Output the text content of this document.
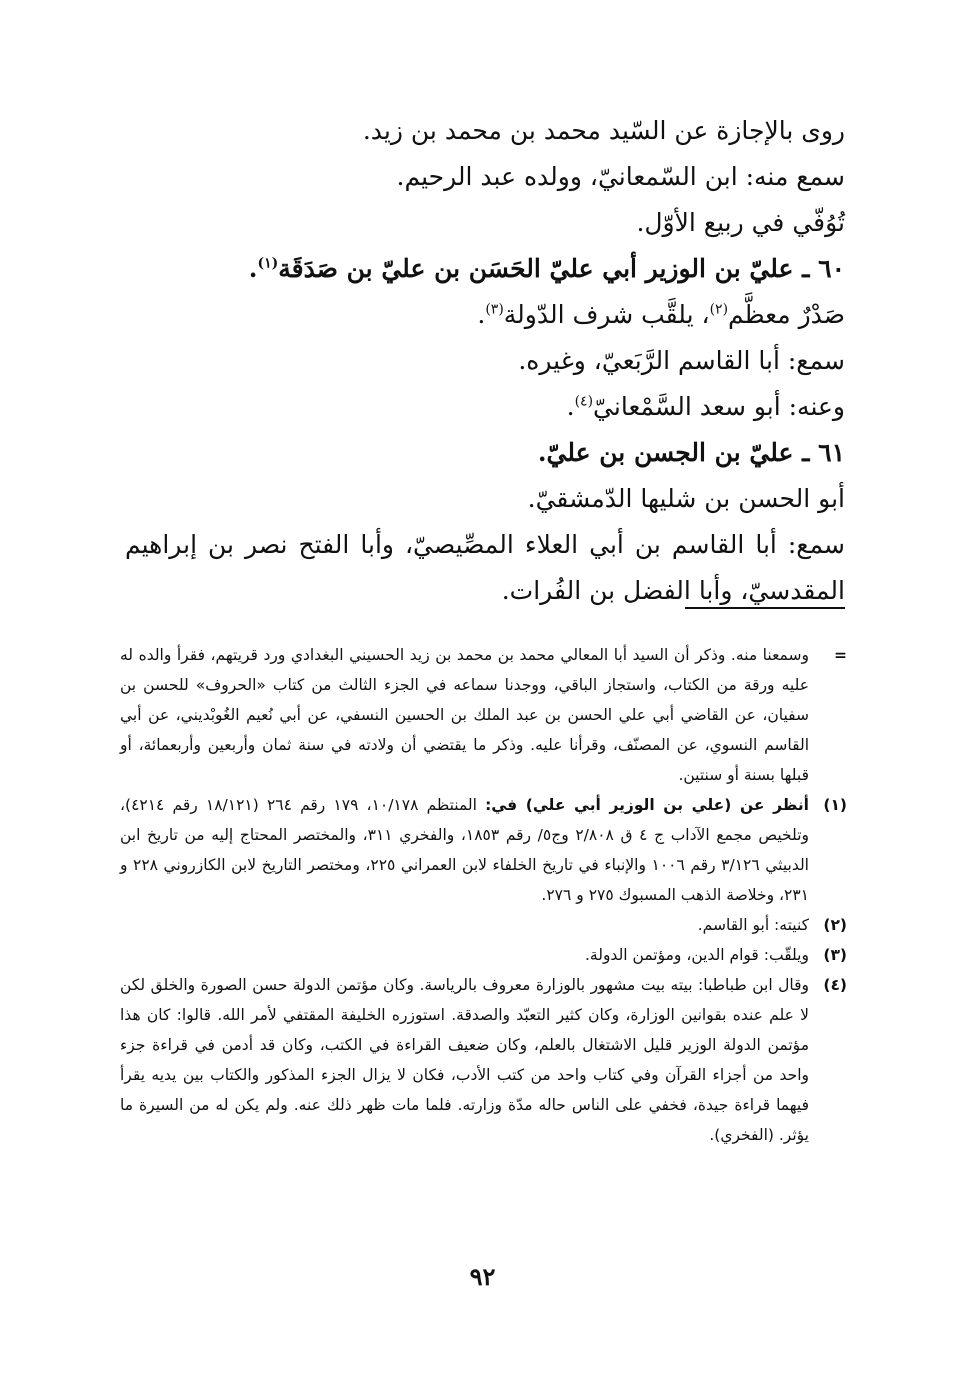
روى بالإجازة عن السّيد محمد بن محمد بن زيد.

سمع منه: ابن السّمعانيّ، وولده عبد الرحيم.

تُوُفّي في ربيع الأوّل.

٦٠ ـ عليّ بن الوزير أبي عليّ الحَسَن بن عليّ بن صَدَقَة$^{(١)}$.

صَدْرٌ معظَّم$^{(٢)}$، يلقَّب شرف الدّولة$^{(٣)}$.

سمع: أبا القاسم الرَّبَعيّ، وغيره.

وعنه: أبو سعد السَّمْعانيّ$^{(٤)}$.

٦١ ـ عليّ بن الجسن بن عليّ.

أبو الحسن بن شليها الدّمشقيّ.

سمع: أبا القاسم بن أبي العلاء المصِّيصيّ، وأبا الفتح نصر بن إبراهيم المقدسيّ، وأبا الفضل بن الفُرات.

=
وسمعنا منه. وذكر أن السيد أبا المعالي محمد بن محمد بن زيد الحسيني البغدادي ورد قريتهم، فقرأ والده له عليه ورقة من الكتاب، واستجاز الباقي، ووجدنا سماعه في الجزء الثالث من كتاب «الحروف» للحسن بن سفيان، عن القاضي أبي علي الحسن بن عبد الملك بن الحسين النسفي، عن أبي نُعيم الغُوبْديني، عن أبي القاسم النسوي، عن المصنّف، وقرأنا عليه. وذكر ما يقتضي أن ولادته في سنة ثمان وأربعين وأربعمائة، أو قبلها بسنة أو سنتين.
(١)
أنظر عن (علي بن الوزير أبي علي) في: المنتظم ١٠/١٧٨، ١٧٩ رقم ٢٦٤ (١٨/١٢١ رقم ٤٢١٤)، وتلخيص مجمع الآداب ج ٤ ق ٢/٨٠٨ وج٥/ رقم ١٨٥٣، والفخري ٣١١، والمختصر المحتاج إليه من تاريخ ابن الدبيثي ٣/١٢٦ رقم ١٠٠٦ والإنباء في تاريخ الخلفاء لابن العمراني ٢٢٥، ومختصر التاريخ لابن الكازروني ٢٢٨ و ٢٣١، وخلاصة الذهب المسبوك ٢٧٥ و ٢٧٦.
(٢)
كنيته: أبو القاسم.
(٣)
ويلقّب: قوام الدين، ومؤتمن الدولة.
(٤)
وقال ابن طباطبا: بيته بيت مشهور بالوزارة معروف بالرياسة. وكان مؤتمن الدولة حسن الصورة والخلق لكن لا علم عنده بقوانين الوزارة، وكان كثير التعبّد والصدقة. استوزره الخليفة المقتفي لأمر الله. قالوا: كان هذا مؤتمن الدولة الوزير قليل الاشتغال بالعلم، وكان ضعيف القراءة في الكتب، وكان قد أدمن في قراءة جزء واحد من أجزاء القرآن وفي كتاب واحد من كتب الأدب، فكان لا يزال الجزء المذكور والكتاب بين يديه يقرأ فيهما قراءة جيدة، فخفي على الناس حاله مدّة وزارته. فلما مات ظهر ذلك عنه. ولم يكن له من السيرة ما يؤثر. (الفخري).
٩٢
